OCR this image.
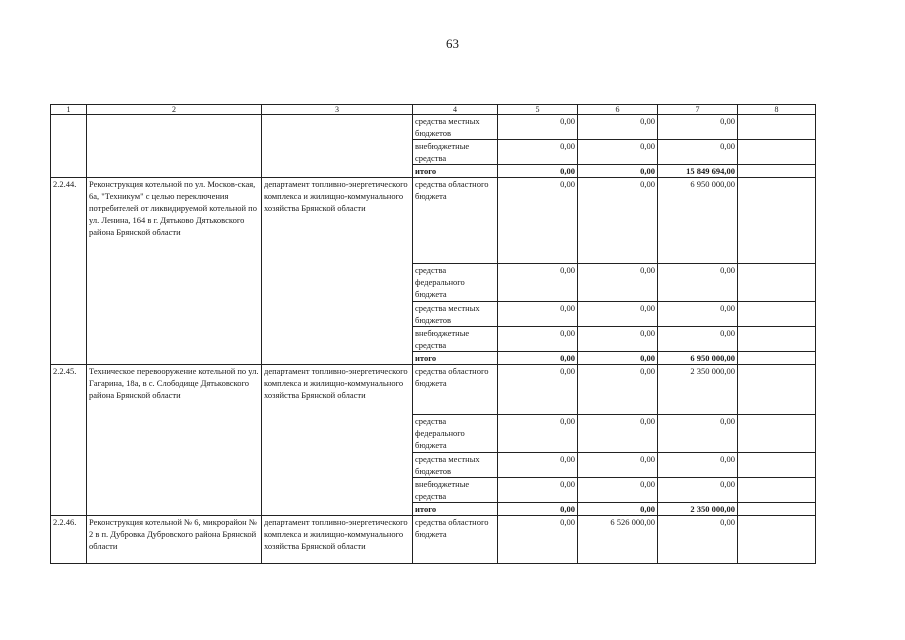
63
1	2	3	4	5	6	7	8
			средства местных бюджетов	0,00	0,00	0,00	
			внебюджетные средства	0,00	0,00	0,00	
			итого	0,00	0,00	15 849 694,00	
2.2.44.	Реконструкция котельной по ул. Москов-ская, 6а, "Техникум" с целью переключения потребителей от ликвидируемой котельной по ул. Ленина, 164 в г. Дятьково Дятьковского района Брянской области	департамент топливно-энергетического комплекса и жилищно-коммунального хозяйства Брянской области	средства областного бюджета	0,00	0,00	6 950 000,00	
			средства федерального бюджета	0,00	0,00	0,00	
			средства местных бюджетов	0,00	0,00	0,00	
			внебюджетные средства	0,00	0,00	0,00	
			итого	0,00	0,00	6 950 000,00	
2.2.45.	Техническое перевооружение котельной по ул. Гагарина, 18а, в с. Слободище Дятьковского района Брянской области	департамент топливно-энергетического комплекса и жилищно-коммунального хозяйства Брянской области	средства областного бюджета	0,00	0,00	2 350 000,00	
			средства федерального бюджета	0,00	0,00	0,00	
			средства местных бюджетов	0,00	0,00	0,00	
			внебюджетные средства	0,00	0,00	0,00	
			итого	0,00	0,00	2 350 000,00	
2.2.46.	Реконструкция котельной № 6, микрорайон № 2 в п. Дубровка Дубровского района Брянской области	департамент топливно-энергетического комплекса и жилищно-коммунального хозяйства Брянской области	средства областного бюджета	0,00	6 526 000,00	0,00	
